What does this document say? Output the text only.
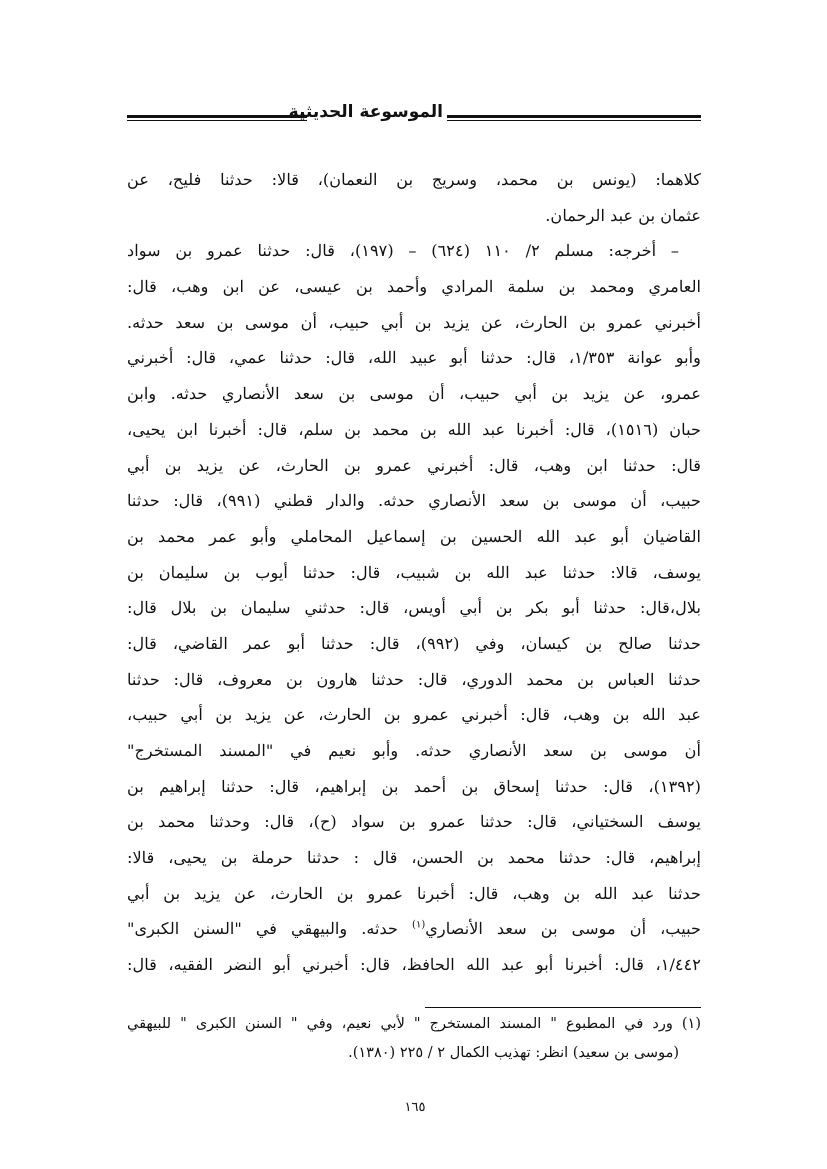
الموسوعة الحديثية
كلاهما: (يونس بن محمد، وسريج بن النعمان)، قالا: حدثنا فليح، عن
عثمان بن عبد الرحمان.
– أخرجه: مسلم ٢/ ١١٠ (٦٢٤) – (١٩٧)، قال: حدثنا عمرو بن سواد
العامري ومحمد بن سلمة المرادي وأحمد بن عيسى، عن ابن وهب، قال:
أخبرني عمرو بن الحارث، عن يزيد بن أبي حبيب، أن موسى بن سعد حدثه.
وأبو عوانة ١/٣٥٣، قال: حدثنا أبو عبيد الله، قال: حدثنا عمي، قال: أخبرني
عمرو، عن يزيد بن أبي حبيب، أن موسى بن سعد الأنصاري حدثه. وابن
حبان (١٥١٦)، قال: أخبرنا عبد الله بن محمد بن سلم، قال: أخبرنا ابن يحيى،
قال: حدثنا ابن وهب، قال: أخبرني عمرو بن الحارث، عن يزيد بن أبي
حبيب، أن موسى بن سعد الأنصاري حدثه. والدار قطني (٩٩١)، قال: حدثنا
القاضيان أبو عبد الله الحسين بن إسماعيل المحاملي وأبو عمر محمد بن
يوسف، قالا: حدثنا عبد الله بن شبيب، قال: حدثنا أيوب بن سليمان بن
بلال،قال: حدثنا أبو بكر بن أبي أويس، قال: حدثني سليمان بن بلال قال:
حدثنا صالح بن كيسان، وفي (٩٩٢)، قال: حدثنا أبو عمر القاضي، قال:
حدثنا العباس بن محمد الدوري، قال: حدثنا هارون بن معروف، قال: حدثنا
عبد الله بن وهب، قال: أخبرني عمرو بن الحارث، عن يزيد بن أبي حبيب،
أن موسى بن سعد الأنصاري حدثه. وأبو نعيم في "المسند المستخرج"
(١٣٩٢)، قال: حدثنا إسحاق بن أحمد بن إبراهيم، قال: حدثنا إبراهيم بن
يوسف السختياني، قال: حدثنا عمرو بن سواد (ح)، قال: وحدثنا محمد بن
إبراهيم، قال: حدثنا محمد بن الحسن، قال : حدثنا حرملة بن يحيى، قالا:
حدثنا عبد الله بن وهب، قال: أخبرنا عمرو بن الحارث، عن يزيد بن أبي
حبيب، أن موسى بن سعد الأنصاري$^{(١)}$ حدثه. والبيهقي في "السنن الكبرى"
١/٤٤٢، قال: أخبرنا أبو عبد الله الحافظ، قال: أخبرني أبو النضر الفقيه، قال:
(١) ورد في المطبوع " المسند المستخرج " لأبي نعيم، وفي " السنن الكبرى " للبيهقي
(موسى بن سعيد) انظر: تهذيب الكمال ٢ / ٢٢٥ (١٣٨٠).
١٦٥
